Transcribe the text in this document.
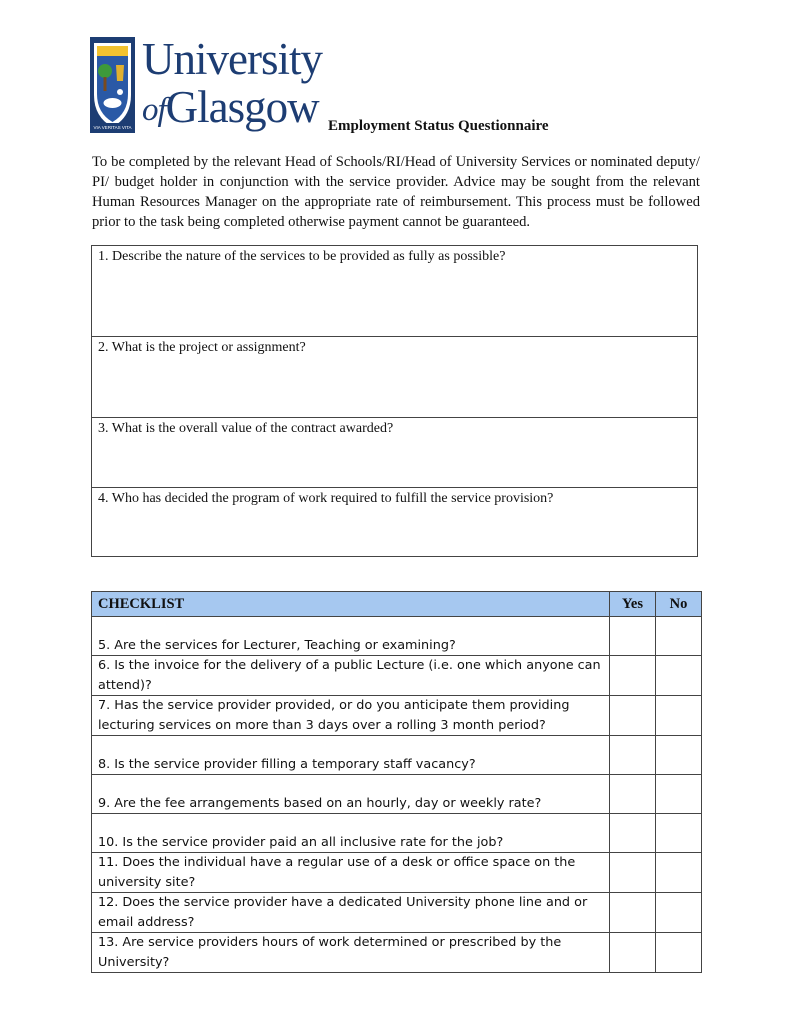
VIA VERITAS VITA
University
ofGlasgow Employment Status Questionnaire

To be completed by the relevant Head of Schools/RI/Head of University Services or nominated deputy/ PI/ budget holder in conjunction with the service provider. Advice may be sought from the relevant Human Resources Manager on the appropriate rate of reimbursement. This process must be followed prior to the task being completed otherwise payment cannot be guaranteed.

1. Describe the nature of the services to be provided as fully as possible?
2. What is the project or assignment?
3. What is the overall value of the contract awarded?
4. Who has decided the program of work required to fulfill the service provision?
CHECKLIST	Yes	No
5. Are the services for Lecturer, Teaching or examining?		
6. Is the invoice for the delivery of a public Lecture (i.e. one which anyone can attend)?		
7. Has the service provider provided, or do you anticipate them providing lecturing services on more than 3 days over a rolling 3 month period?		
8. Is the service provider filling a temporary staff vacancy?		
9. Are the fee arrangements based on an hourly, day or weekly rate?		
10. Is the service provider paid an all inclusive rate for the job?		
11. Does the individual have a regular use of a desk or office space on the university site?		
12. Does the service provider have a dedicated University phone line and or email address?		
13. Are service providers hours of work determined or prescribed by the University?		
